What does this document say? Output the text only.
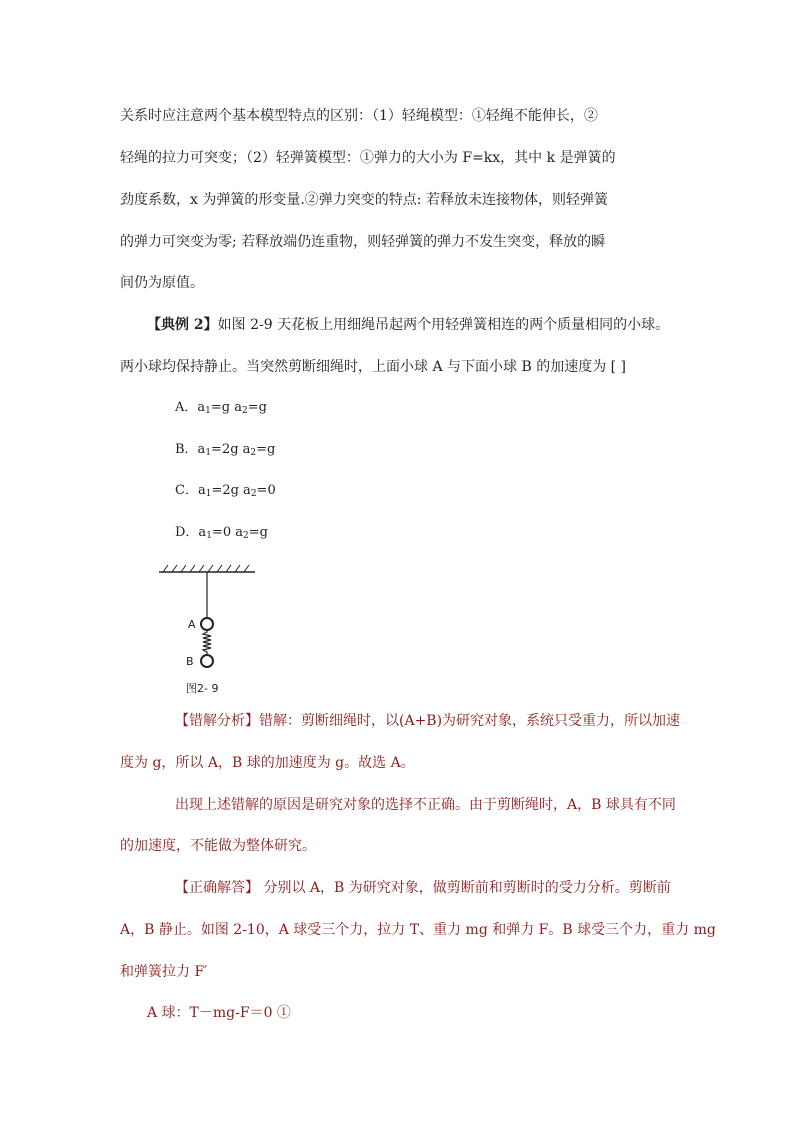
关系时应注意两个基本模型特点的区别：（1）轻绳模型：①轻绳不能伸长，②
轻绳的拉力可突变；（2）轻弹簧模型：①弹力的大小为 F=kx，其中 k 是弹簧的
劲度系数，x 为弹簧的形变量.②弹力突变的特点: 若释放未连接物体，则轻弹簧
的弹力可突变为零; 若释放端仍连重物，则轻弹簧的弹力不发生突变，释放的瞬
间仍为原值。
【典例 2】如图 2-9 天花板上用细绳吊起两个用轻弹簧相连的两个质量相同的小球。
两小球均保持静止。当突然剪断细绳时，上面小球 A 与下面小球 B 的加速度为 [ ]
A．$a_1=g$ $a_2=g$
B．$a_1=2g$ $a_2=g$
C．$a_1=2g$ $a_2=0$
D．$a_1=0$ $a_2=g$
A
B
图2- 9
【错解分析】错解：剪断细绳时，以(A+B)为研究对象，系统只受重力，所以加速
度为 g，所以 A，B 球的加速度为 g。故选 A。
出现上述错解的原因是研究对象的选择不正确。由于剪断绳时，A，B 球具有不同
的加速度，不能做为整体研究。
【正确解答】 分别以 A，B 为研究对象，做剪断前和剪断时的受力分析。剪断前
A，B 静止。如图 2-10，A 球受三个力，拉力 T、重力 mg 和弹力 F。B 球受三个力，重力 mg
和弹簧拉力 F′
A 球：T－mg-F＝0 ①
